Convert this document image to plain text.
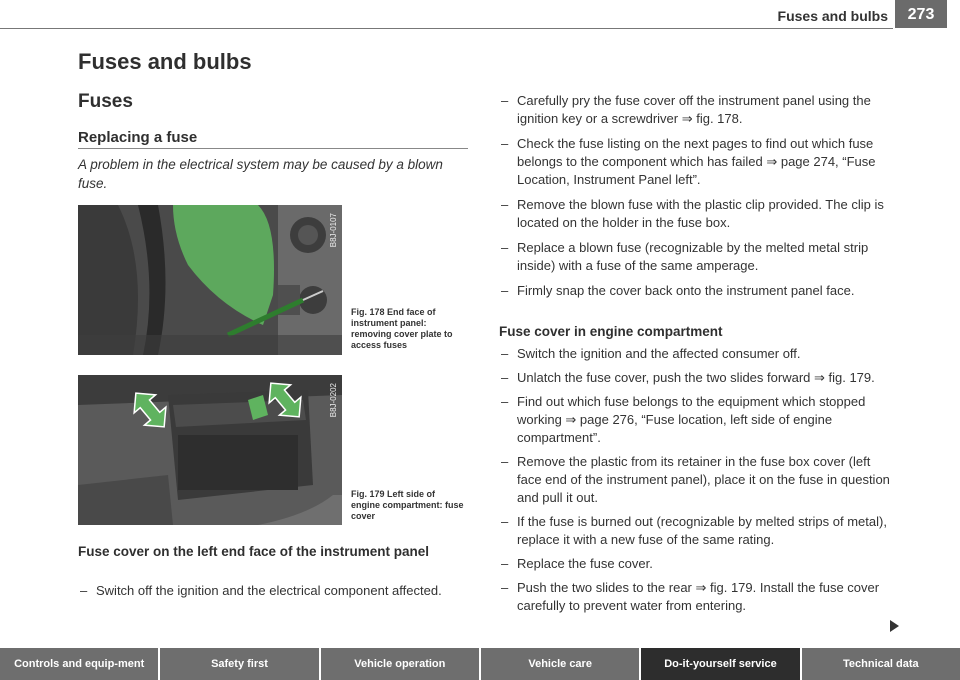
Fuses and bulbs	273
Fuses and bulbs
Fuses
Replacing a fuse
A problem in the electrical system may be caused by a blown fuse.
B8J-0107
Fig. 178 End face of instrument panel: removing cover plate to access fuses
B8J-0202
Fig. 179 Left side of engine compartment: fuse cover
Fuse cover on the left end face of the instrument panel
– Switch off the ignition and the electrical component affected.
– Carefully pry the fuse cover off the instrument panel using the ignition key or a screwdriver ⇒ fig. 178.
– Check the fuse listing on the next pages to find out which fuse belongs to the component which has failed ⇒ page 274, “Fuse Location, Instrument Panel left”.
– Remove the blown fuse with the plastic clip provided. The clip is located on the holder in the fuse box.
– Replace a blown fuse (recognizable by the melted metal strip inside) with a fuse of the same amperage.
– Firmly snap the cover back onto the instrument panel face.
Fuse cover in engine compartment
– Switch the ignition and the affected consumer off.
– Unlatch the fuse cover, push the two slides forward ⇒ fig. 179.
– Find out which fuse belongs to the equipment which stopped working ⇒ page 276, “Fuse location, left side of engine compartment”.
– Remove the plastic from its retainer in the fuse box cover (left face end of the instrument panel), place it on the fuse in question and pull it out.
– If the fuse is burned out (recognizable by melted strips of metal), replace it with a new fuse of the same rating.
– Replace the fuse cover.
– Push the two slides to the rear ⇒ fig. 179. Install the fuse cover carefully to prevent water from entering.
Controls and equip-ment	Safety first	Vehicle operation	Vehicle care	Do-it-yourself service	Technical data
